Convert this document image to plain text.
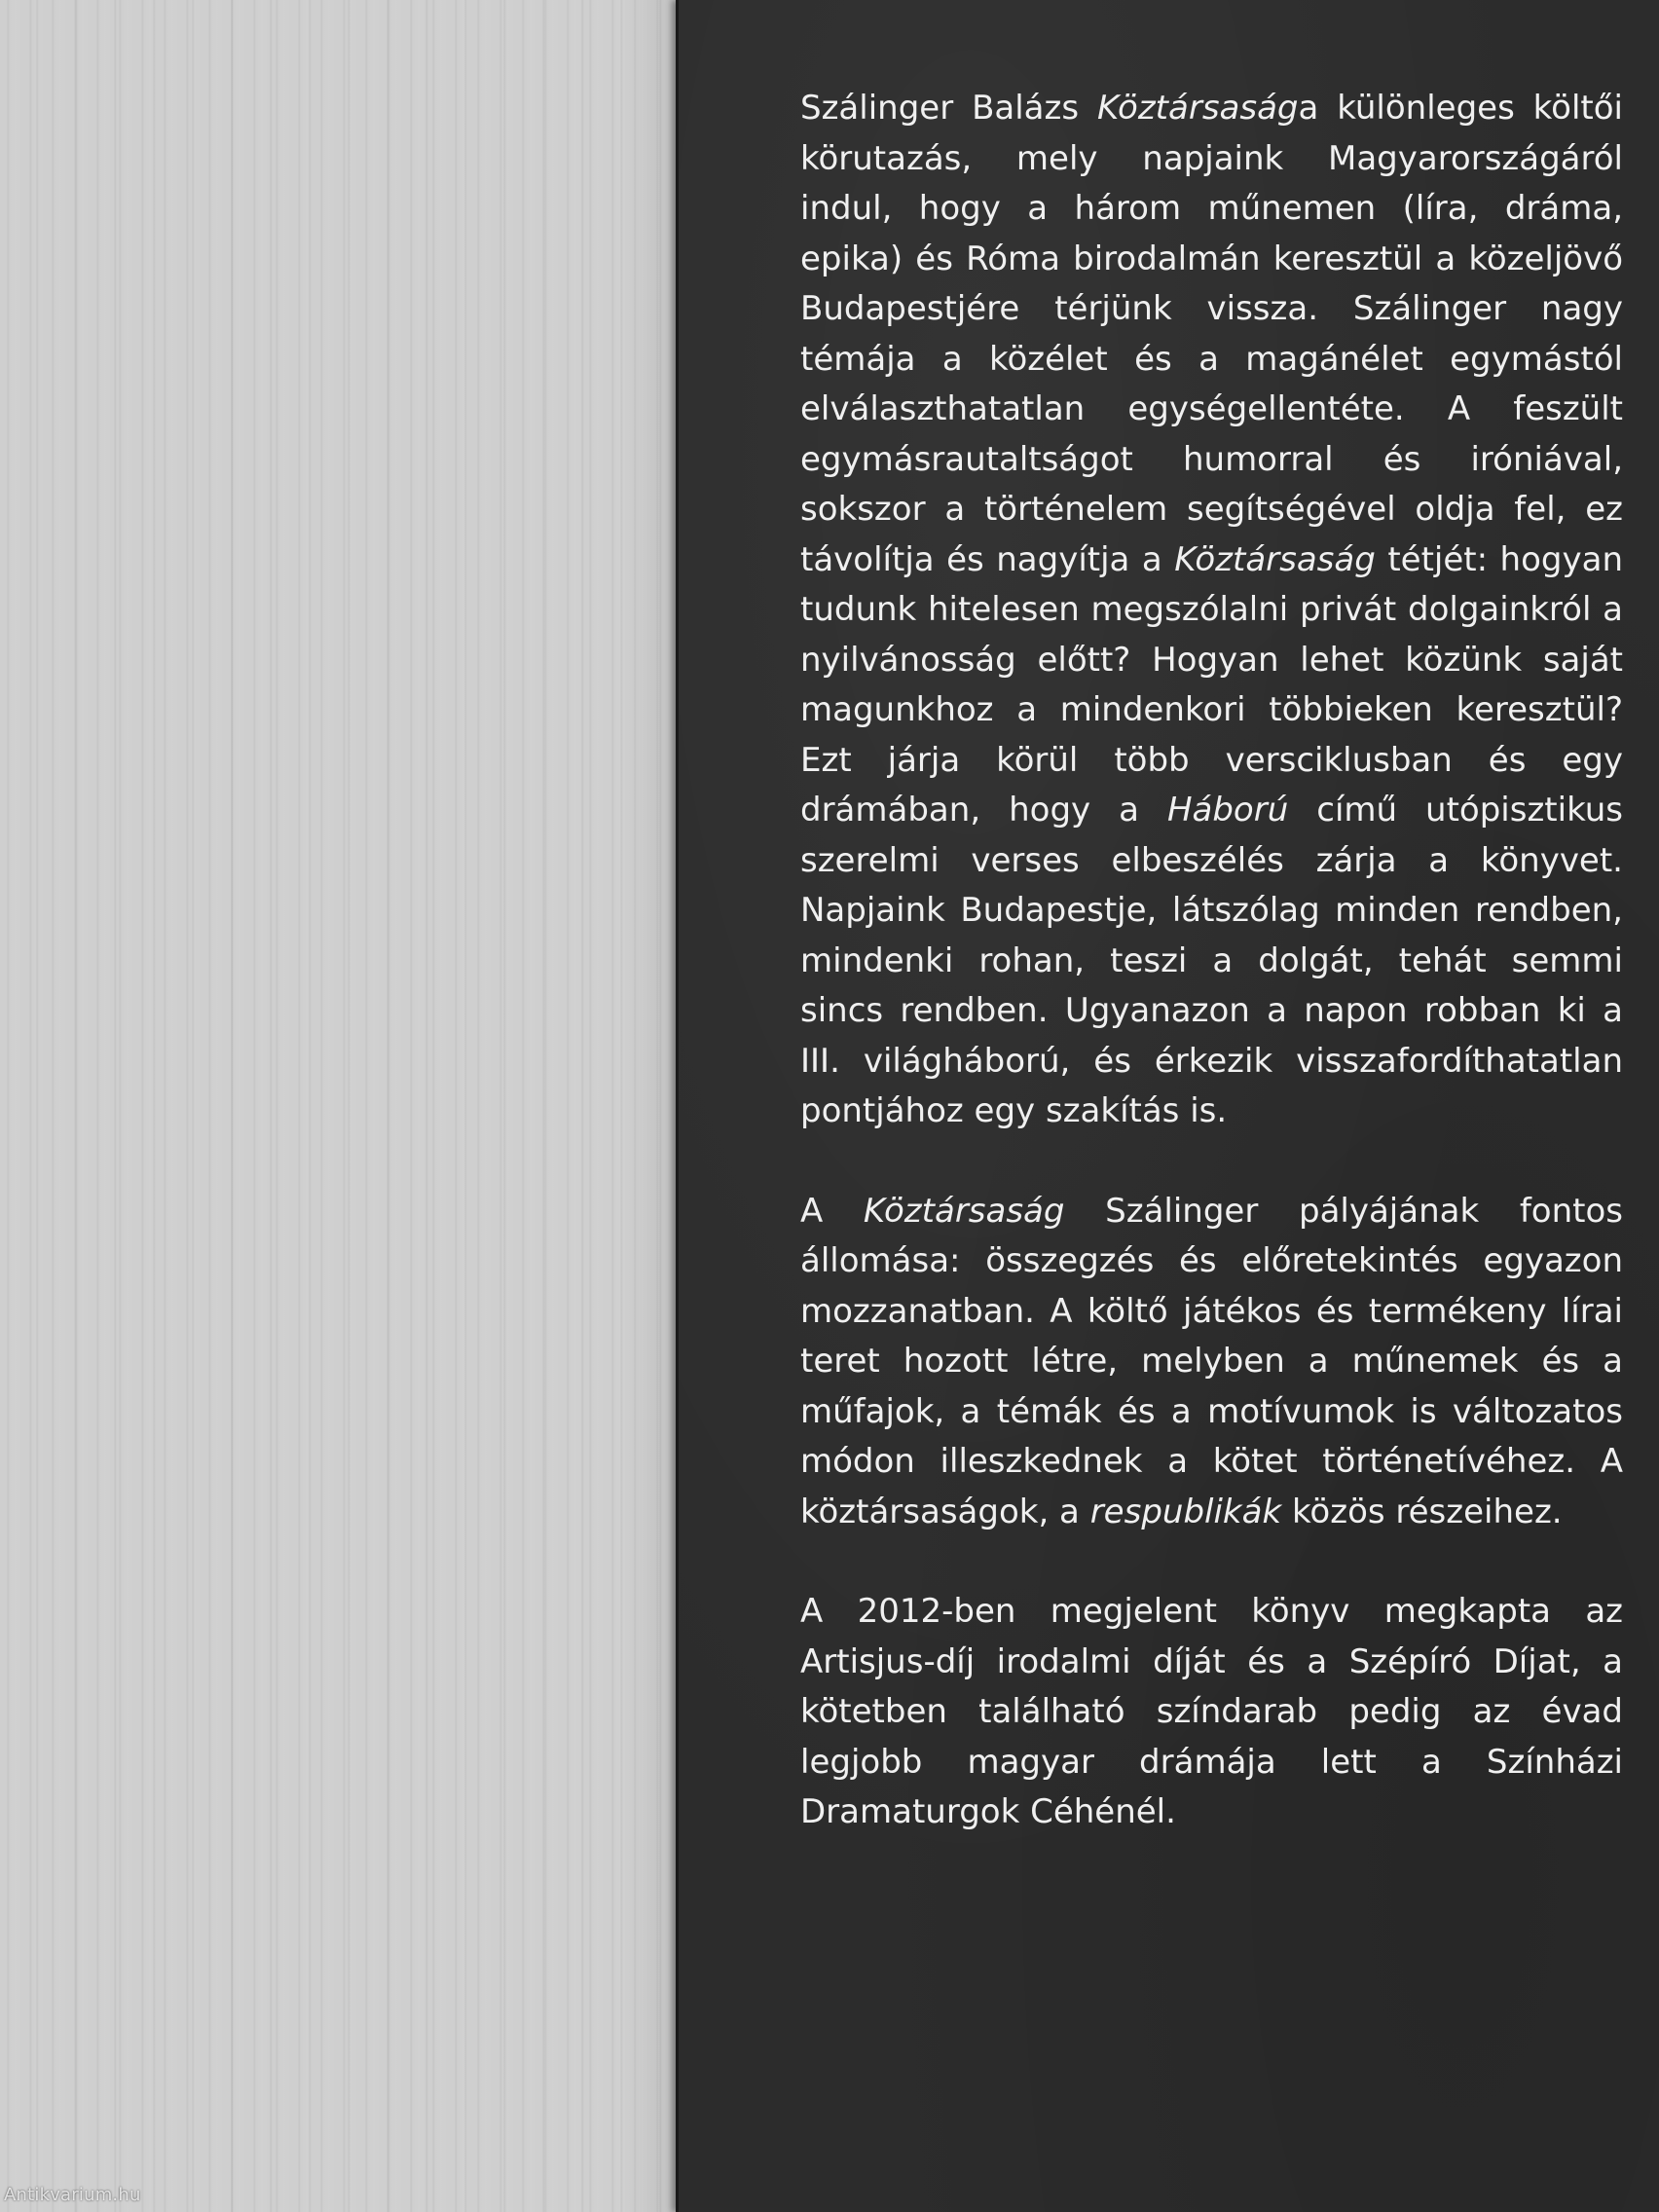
Szálinger Balázs Köztársasága különleges költői körutazás, mely napjaink Magyarországáról indul, hogy a három műnemen (líra, dráma, epika) és Róma birodalmán keresztül a közeljövő Budapestjére térjünk vissza. Szálinger nagy témája a közélet és a magánélet egymástól elválaszthatatlan egységellentéte. A feszült egymásrautaltságot humorral és iróniával, sokszor a történelem segítségével oldja fel, ez távolítja és nagyítja a Köztársaság tétjét: hogyan tudunk hitelesen megszólalni privát dolgainkról a nyilvánosság előtt? Hogyan lehet közünk saját magunkhoz a mindenkori többieken keresztül? Ezt járja körül több versciklusban és egy drámában, hogy a Háború című utópisztikus szerelmi verses elbeszélés zárja a könyvet. Napjaink Budapestje, látszólag minden rendben, mindenki rohan, teszi a dolgát, tehát semmi sincs rendben. Ugyanazon a napon robban ki a III. világháború, és érkezik visszafordíthatatlan pontjához egy szakítás is.

A Köztársaság Szálinger pályájának fontos állomása: összegzés és előretekintés egyazon mozzanatban. A költő játékos és termékeny lírai teret hozott létre, melyben a műnemek és a műfajok, a témák és a motívumok is változatos módon illeszkednek a kötet történetívéhez. A köztársaságok, a respublikák közös részeihez.

A 2012-ben megjelent könyv megkapta az Artisjus-díj irodalmi díját és a Szépíró Díjat, a kötetben található színdarab pedig az évad legjobb magyar drámája lett a Színházi Dramaturgok Céhénél.

Antikvarium.hu
